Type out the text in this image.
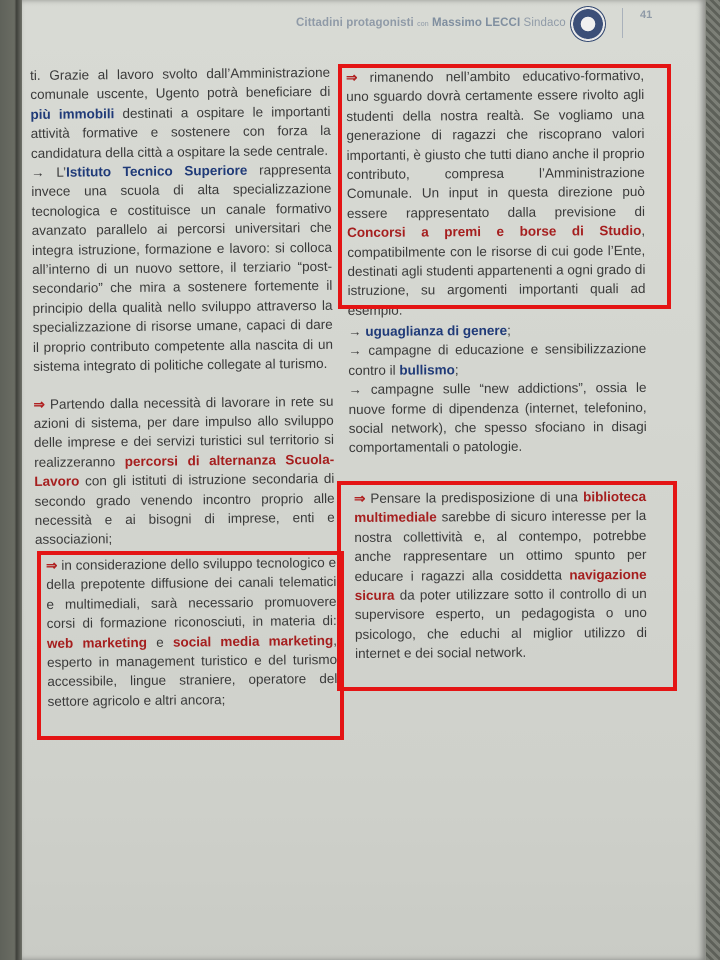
Cittadini protagonisti con Massimo LECCI Sindaco
41

ti. Grazie al lavoro svolto dall’Amministrazione comunale uscente, Ugento potrà beneficiare di più immobili destinati a ospitare le importanti attività formative e sostenere con forza la candidatura della città a ospitare la sede centrale.

→ L’Istituto Tecnico Superiore rappresenta invece una scuola di alta specializzazione tecnologica e costituisce un canale formativo avanzato parallelo ai percorsi universitari che integra istruzione, formazione e lavoro: si colloca all’interno di un nuovo settore, il terziario “post-secondario” che mira a sostenere fortemente il principio della qualità nello sviluppo attraverso la specializzazione di risorse umane, capaci di dare il proprio contributo competente alla nascita di un sistema integrato di politiche collegate al turismo.

⇒ Partendo dalla necessità di lavorare in rete su azioni di sistema, per dare impulso allo sviluppo delle imprese e dei servizi turistici sul territorio si realizzeranno percorsi di alternanza Scuola-Lavoro con gli istituti di istruzione secondaria di secondo grado venendo incontro proprio alle necessità e ai bisogni di imprese, enti e associazioni;

⇒ in considerazione dello sviluppo tecnologico e della prepotente diffusione dei canali telematici e multimediali, sarà necessario promuovere corsi di formazione riconosciuti, in materia di: web marketing e social media marketing, esperto in management turistico e del turismo accessibile, lingue straniere, operatore del settore agricolo e altri ancora;

⇒ rimanendo nell’ambito educativo-formativo, uno sguardo dovrà certamente essere rivolto agli studenti della nostra realtà. Se vogliamo una generazione di ragazzi che riscoprano valori importanti, è giusto che tutti diano anche il proprio contributo, compresa l’Amministrazione Comunale. Un input in questa direzione può essere rappresentato dalla previsione di Concorsi a premi e borse di Studio, compatibilmente con le risorse di cui gode l’Ente, destinati agli studenti appartenenti a ogni grado di istruzione, su argomenti importanti quali ad esempio:

→ uguaglianza di genere;

→ campagne di educazione e sensibilizzazione contro il bullismo;

→ campagne sulle “new addictions”, ossia le nuove forme di dipendenza (internet, telefonino, social network), che spesso sfociano in disagi comportamentali o patologie.

⇒ Pensare la predisposizione di una biblioteca multimediale sarebbe di sicuro interesse per la nostra collettività e, al contempo, potrebbe anche rappresentare un ottimo spunto per educare i ragazzi alla cosiddetta navigazione sicura da poter utilizzare sotto il controllo di un supervisore esperto, un pedagogista o uno psicologo, che educhi al miglior utilizzo di internet e dei social network.
